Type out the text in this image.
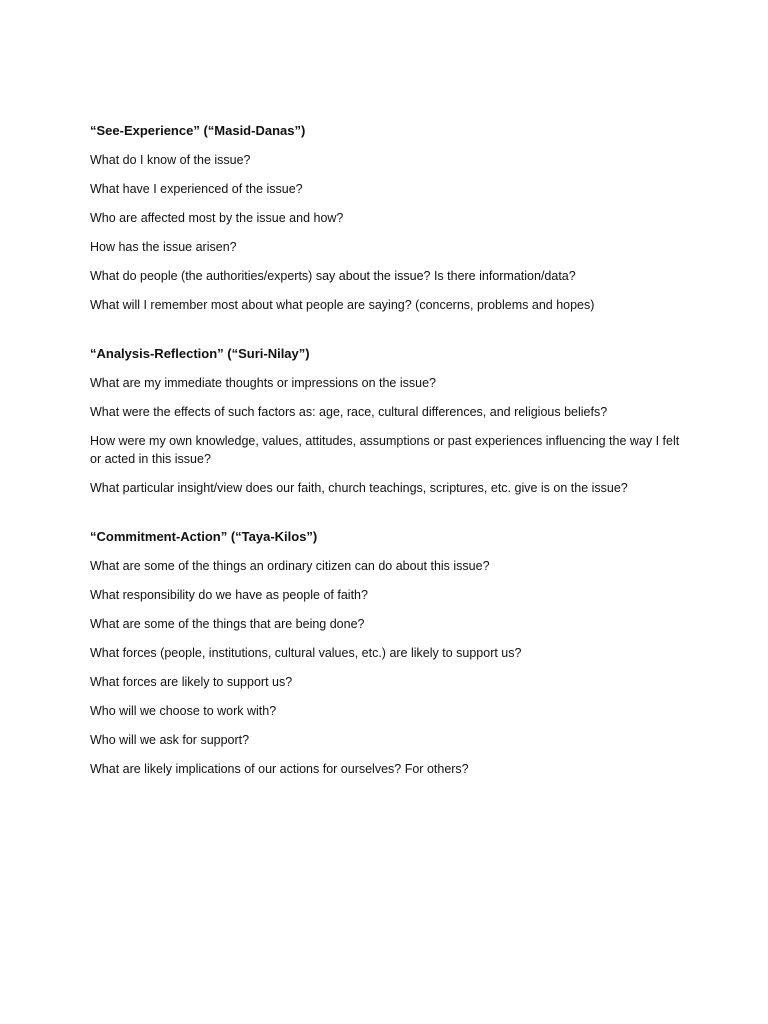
“See-Experience” (“Masid-Danas”)
What do I know of the issue?
What have I experienced of the issue?
Who are affected most by the issue and how?
How has the issue arisen?
What do people (the authorities/experts) say about the issue? Is there information/data?
What will I remember most about what people are saying? (concerns, problems and hopes)
“Analysis-Reflection” (“Suri-Nilay”)
What are my immediate thoughts or impressions on the issue?
What were the effects of such factors as: age, race, cultural differences, and religious beliefs?
How were my own knowledge, values, attitudes, assumptions or past experiences influencing the way I felt or acted in this issue?
What particular insight/view does our faith, church teachings, scriptures, etc. give is on the issue?
“Commitment-Action” (“Taya-Kilos”)
What are some of the things an ordinary citizen can do about this issue?
What responsibility do we have as people of faith?
What are some of the things that are being done?
What forces (people, institutions, cultural values, etc.) are likely to support us?
What forces are likely to support us?
Who will we choose to work with?
Who will we ask for support?
What are likely implications of our actions for ourselves? For others?
